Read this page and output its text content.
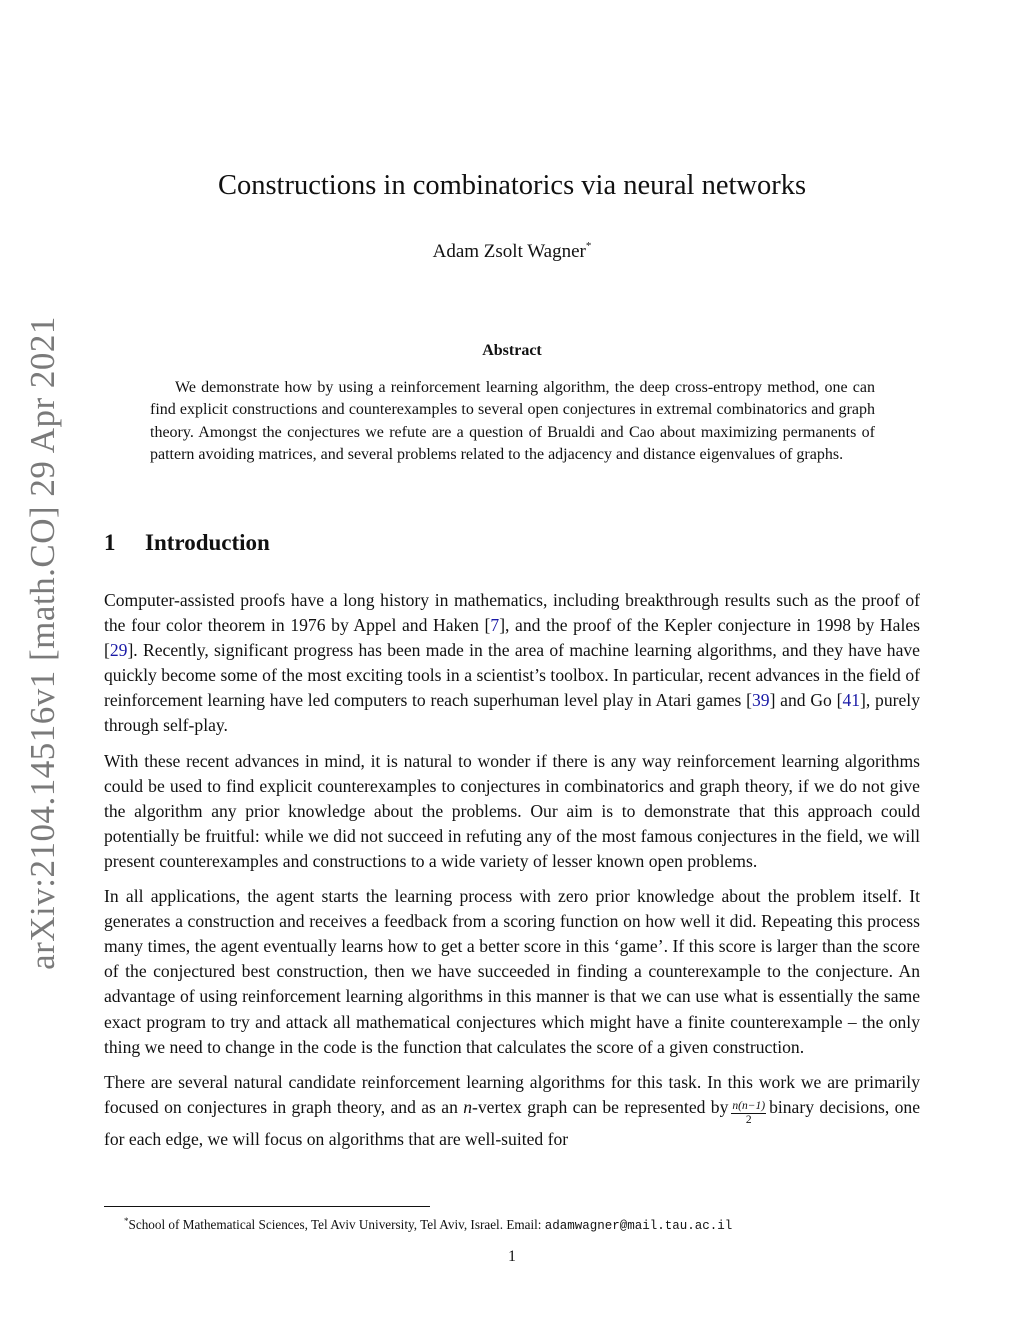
arXiv:2104.14516v1 [math.CO] 29 Apr 2021
Constructions in combinatorics via neural networks
Adam Zsolt Wagner*
Abstract

We demonstrate how by using a reinforcement learning algorithm, the deep cross-entropy method, one can find explicit constructions and counterexamples to several open conjectures in extremal combinatorics and graph theory. Amongst the conjectures we refute are a question of Brualdi and Cao about maximizing permanents of pattern avoiding matrices, and several problems related to the adjacency and distance eigenvalues of graphs.

1 Introduction

Computer-assisted proofs have a long history in mathematics, including breakthrough results such as the proof of the four color theorem in 1976 by Appel and Haken [7], and the proof of the Kepler conjecture in 1998 by Hales [29]. Recently, significant progress has been made in the area of machine learning algorithms, and they have have quickly become some of the most exciting tools in a scientist’s toolbox. In particular, recent advances in the field of reinforcement learning have led computers to reach superhuman level play in Atari games [39] and Go [41], purely through self-play.

With these recent advances in mind, it is natural to wonder if there is any way reinforcement learning algorithms could be used to find explicit counterexamples to conjectures in combinatorics and graph theory, if we do not give the algorithm any prior knowledge about the problems. Our aim is to demonstrate that this approach could potentially be fruitful: while we did not succeed in refuting any of the most famous conjectures in the field, we will present counterexamples and constructions to a wide variety of lesser known open problems.

In all applications, the agent starts the learning process with zero prior knowledge about the problem itself. It generates a construction and receives a feedback from a scoring function on how well it did. Repeating this process many times, the agent eventually learns how to get a better score in this ‘game’. If this score is larger than the score of the conjectured best construction, then we have succeeded in finding a counterexample to the conjecture. An advantage of using reinforcement learning algorithms in this manner is that we can use what is essentially the same exact program to try and attack all mathematical conjectures which might have a finite counterexample – the only thing we need to change in the code is the function that calculates the score of a given construction.

There are several natural candidate reinforcement learning algorithms for this task. In this work we are primarily focused on conjectures in graph theory, and as an n-vertex graph can be represented by $\frac{n(n-1)}{2}$ binary decisions, one for each edge, we will focus on algorithms that are well-suited for

*School of Mathematical Sciences, Tel Aviv University, Tel Aviv, Israel. Email: adamwagner@mail.tau.ac.il
1
